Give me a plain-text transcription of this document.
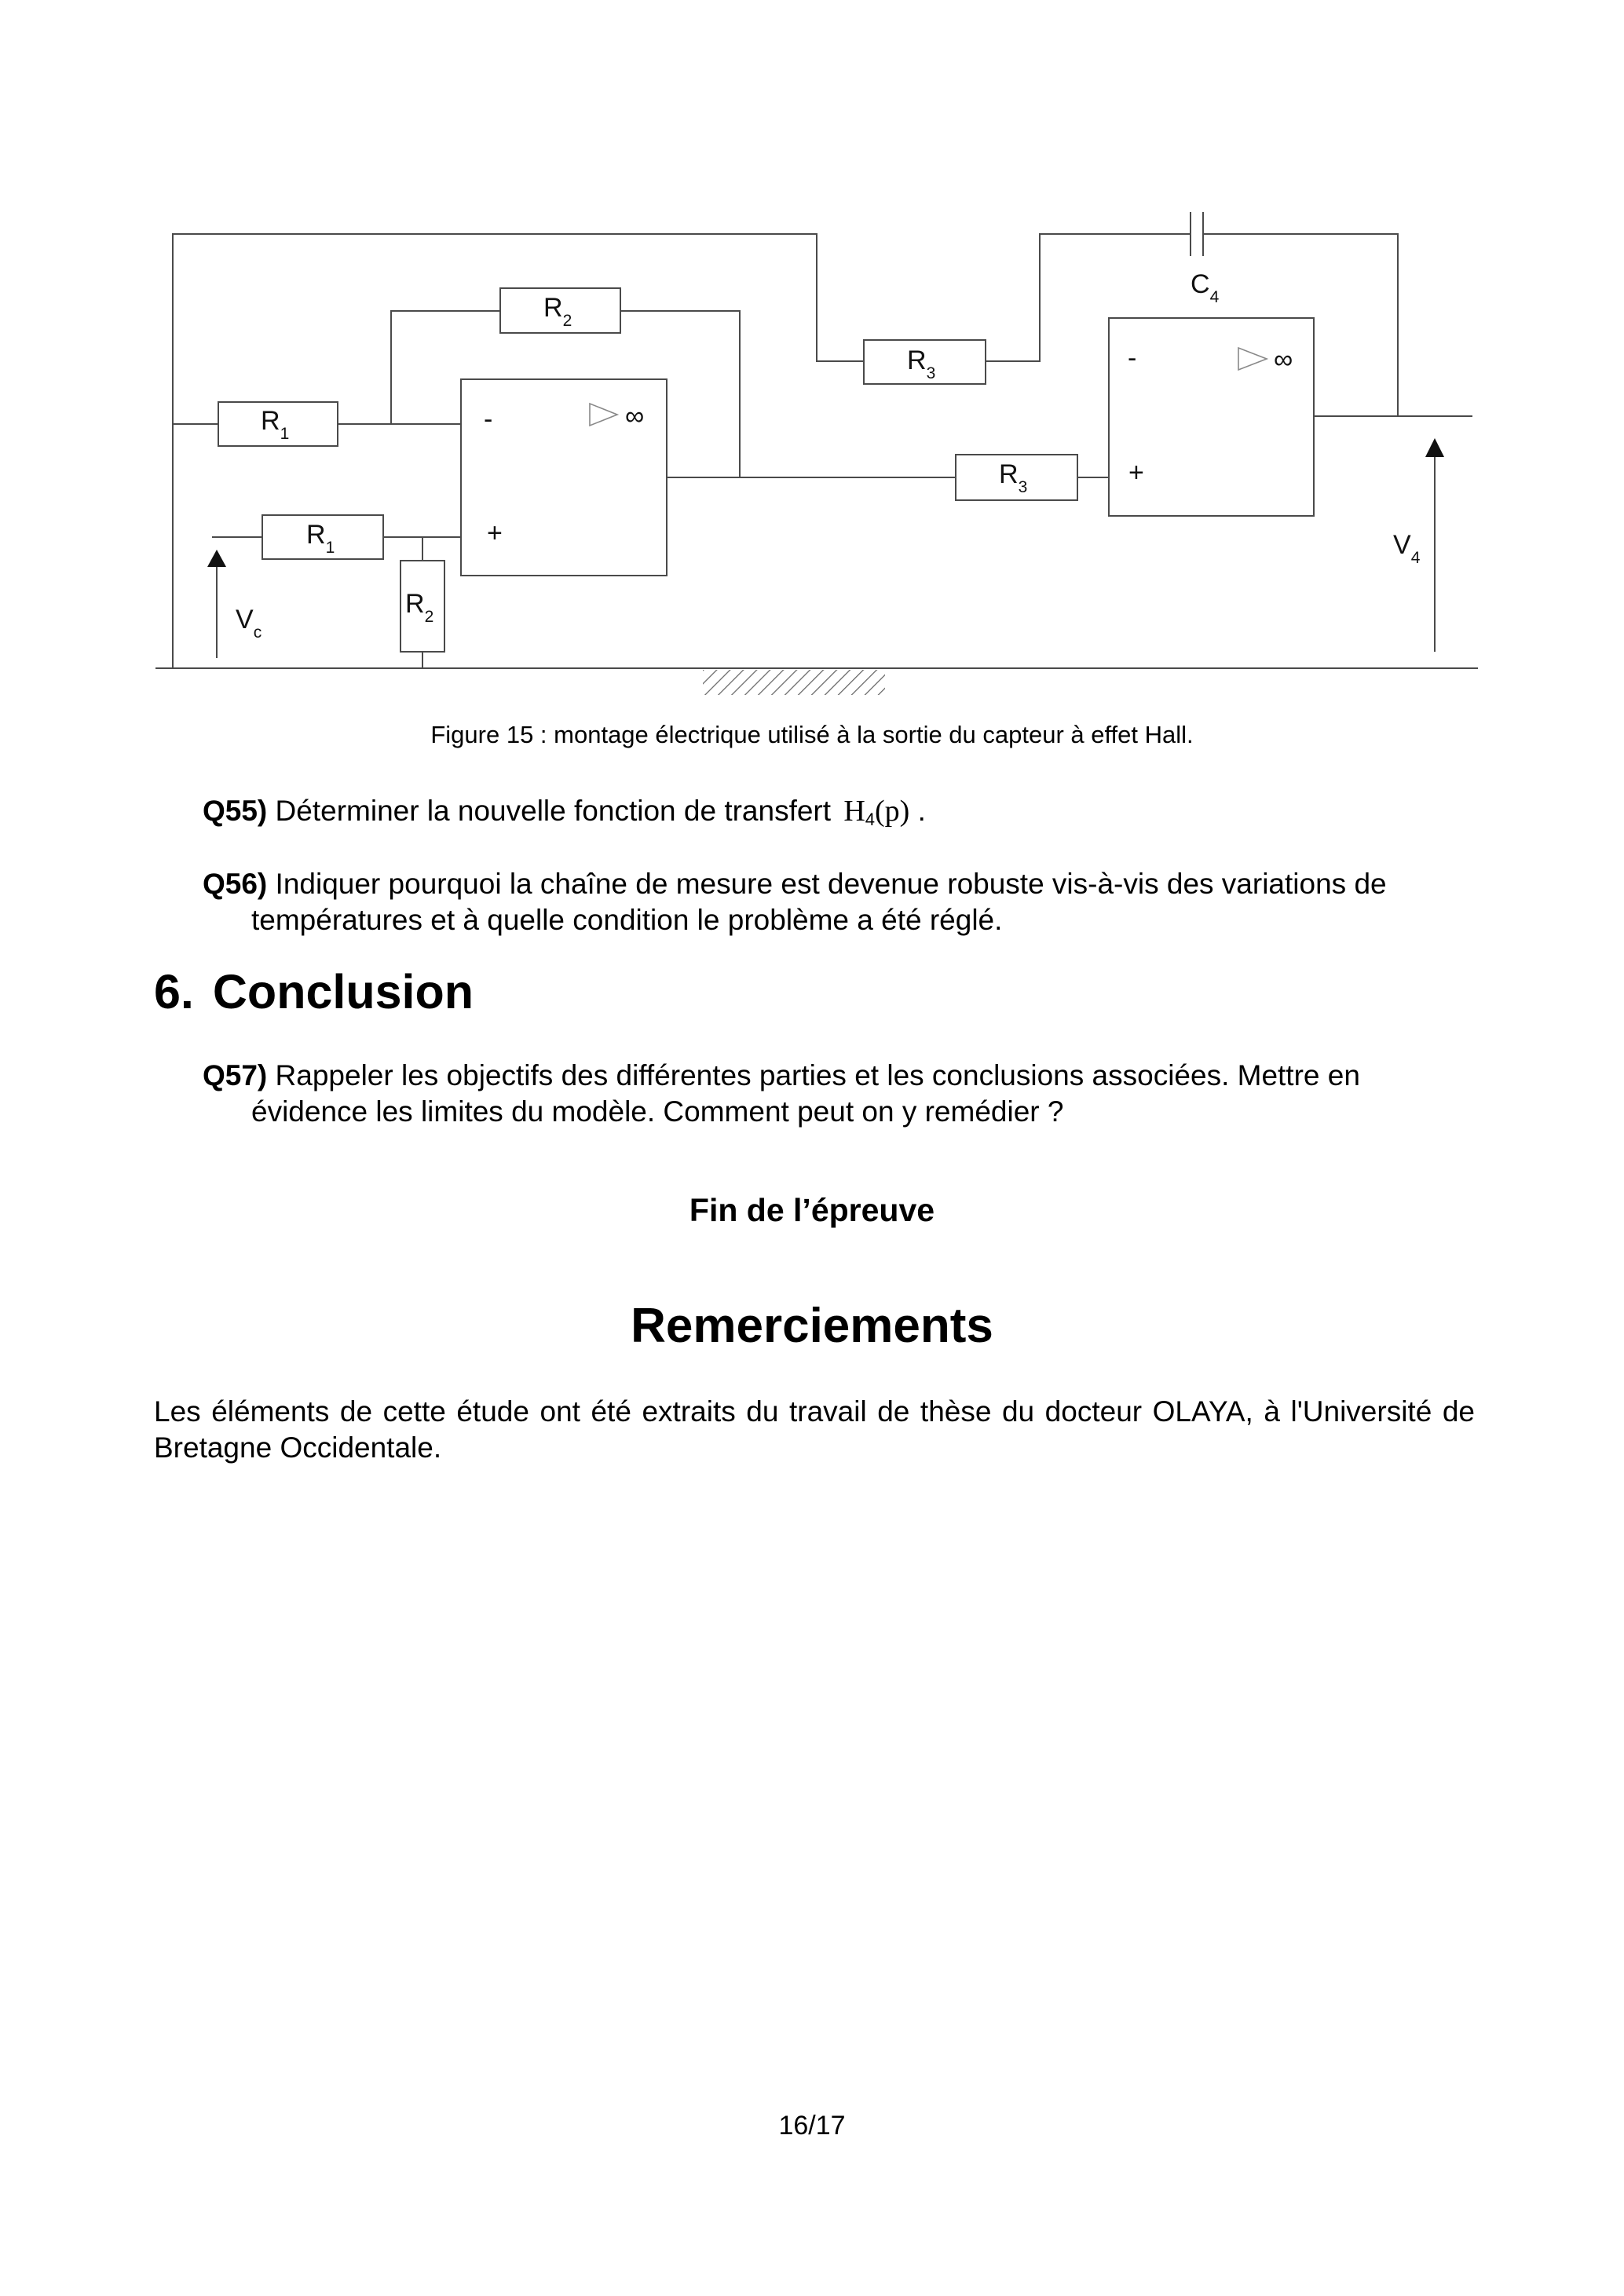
-
+
∞
$R_1$
$R_2$
$R_1$
$R_2$
$V_c$
$R_3$
$R_3$
$C_4$
-
+
∞
$V_4$
Figure 15 : montage électrique utilisé à la sortie du capteur à effet Hall.
Q55) Déterminer la nouvelle fonction de transfert $H_4(p)$ .
Q56) Indiquer pourquoi la chaîne de mesure est devenue robuste vis-à-vis des variations de
températures et à quelle condition le problème a été réglé.
6. Conclusion
Q57) Rappeler les objectifs des différentes parties et les conclusions associées. Mettre en
évidence les limites du modèle. Comment peut on y remédier ?
Fin de l’épreuve
Remerciements
Les éléments de cette étude ont été extraits du travail de thèse du docteur OLAYA, à l'Université de Bretagne Occidentale.
16/17
